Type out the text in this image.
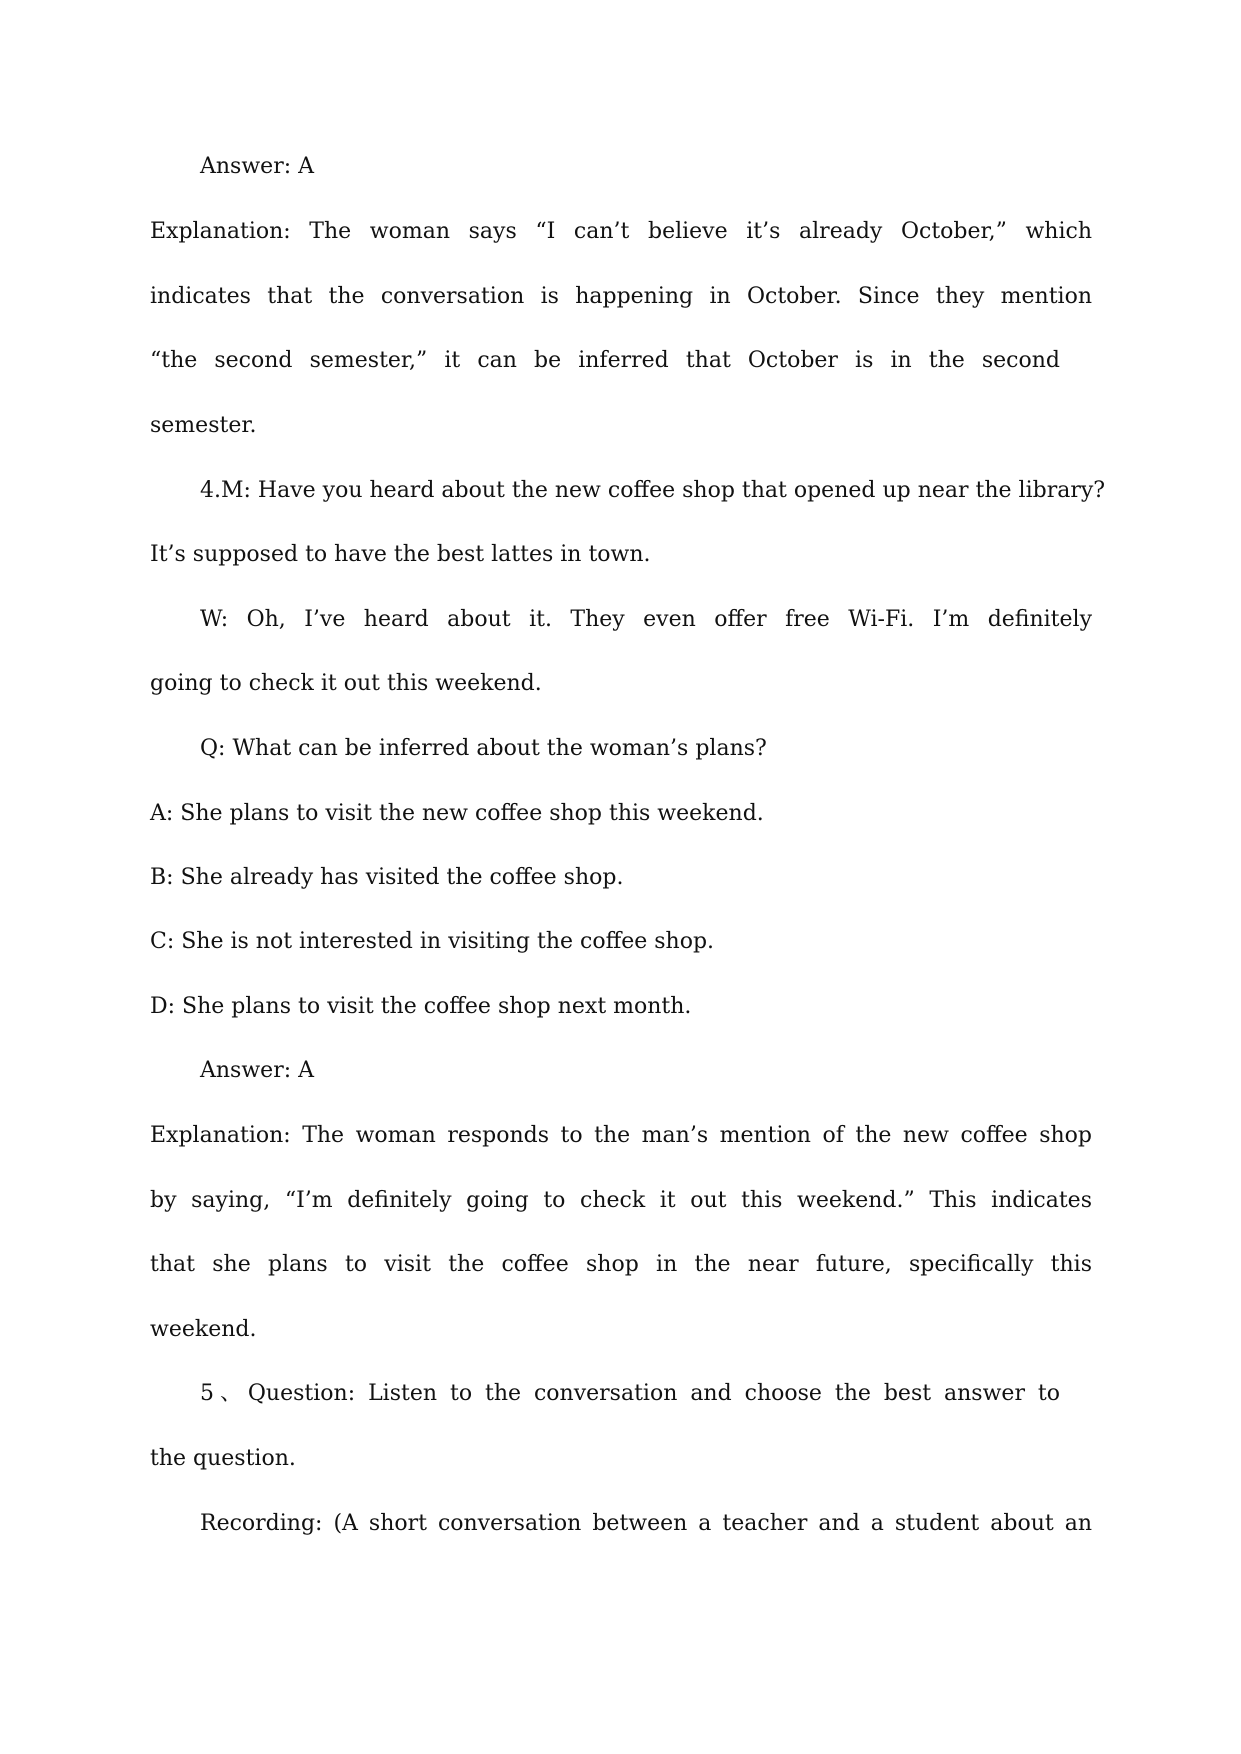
Answer: A
Explanation: The woman says “I can’t believe it’s already October,” which
indicates that the conversation is happening in October. Since they mention
“the second semester,” it can be inferred that October is in the second
semester.
4.M: Have you heard about the new coffee shop that opened up near the library?
It’s supposed to have the best lattes in town.
W: Oh, I’ve heard about it. They even offer free Wi-Fi. I’m definitely
going to check it out this weekend.
Q: What can be inferred about the woman’s plans?
A: She plans to visit the new coffee shop this weekend.
B: She already has visited the coffee shop.
C: She is not interested in visiting the coffee shop.
D: She plans to visit the coffee shop next month.
Answer: A
Explanation: The woman responds to the man’s mention of the new coffee shop
by saying, “I’m definitely going to check it out this weekend.” This indicates
that she plans to visit the coffee shop in the near future, specifically this
weekend.
5、Question: Listen to the conversation and choose the best answer to
the question.
Recording: (A short conversation between a teacher and a student about an
